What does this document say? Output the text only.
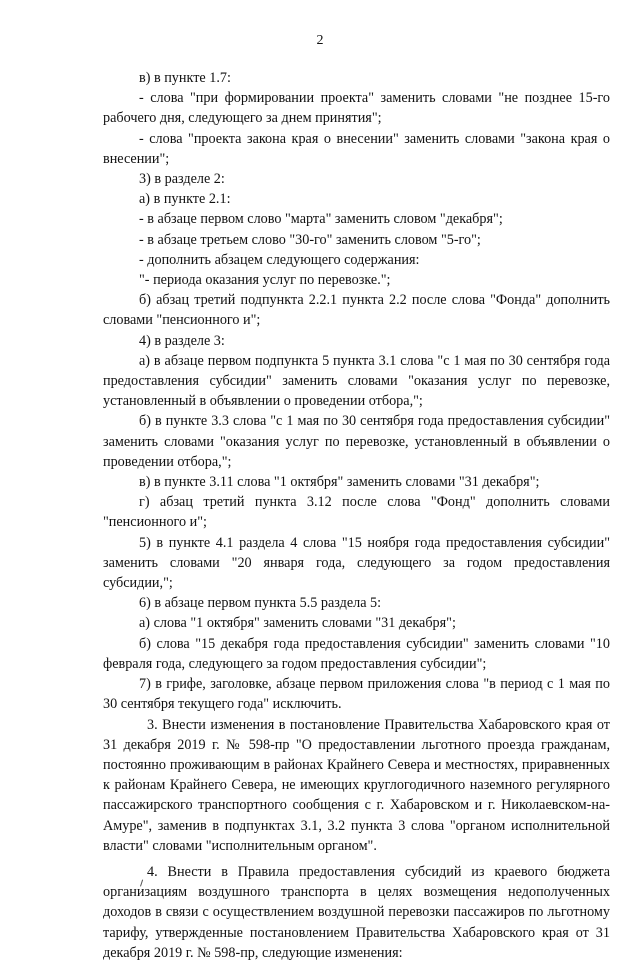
2

в) в пункте 1.7:

- слова "при формировании проекта" заменить словами "не позднее 15-го рабочего дня, следующего за днем принятия";

- слова "проекта закона края о внесении" заменить словами "закона края о внесении";

3) в разделе 2:

а) в пункте 2.1:

- в абзаце первом слово "марта" заменить словом "декабря";

- в абзаце третьем слово "30-го" заменить словом "5-го";

- дополнить абзацем следующего содержания:

"- периода оказания услуг по перевозке.";

б) абзац третий подпункта 2.2.1 пункта 2.2 после слова "Фонда" дополнить словами "пенсионного и";

4) в разделе 3:

а) в абзаце первом подпункта 5 пункта 3.1 слова "с 1 мая по 30 сентября года предоставления субсидии" заменить словами "оказания услуг по перевозке, установленный в объявлении о проведении отбора,";

б) в пункте 3.3 слова "с 1 мая по 30 сентября года предоставления субсидии" заменить словами "оказания услуг по перевозке, установленный в объявлении о проведении отбора,";

в) в пункте 3.11 слова "1 октября" заменить словами "31 декабря";

г) абзац третий пункта 3.12 после слова "Фонд" дополнить словами "пенсионного и";

5) в пункте 4.1 раздела 4 слова "15 ноября года предоставления субсидии" заменить словами "20 января года, следующего за годом предоставления субсидии,";

6) в абзаце первом пункта 5.5 раздела 5:

а) слова "1 октября" заменить словами "31 декабря";

б) слова "15 декабря года предоставления субсидии" заменить словами "10 февраля года, следующего за годом предоставления субсидии";

7) в грифе, заголовке, абзаце первом приложения слова "в период с 1 мая по 30 сентября текущего года" исключить.

3. Внести изменения в постановление Правительства Хабаровского края от 31 декабря 2019 г. № 598-пр "О предоставлении льготного проезда гражданам, постоянно проживающим в районах Крайнего Севера и местностях, приравненных к районам Крайнего Севера, не имеющих круглогодичного наземного регулярного пассажирского транспортного сообщения с г. Хабаровском и г. Николаевском-на-Амуре", заменив в подпунктах 3.1, 3.2 пункта 3 слова "органом исполнительной власти" словами "исполнительным органом".

4. Внести в Правила предоставления субсидий из краевого бюджета организациям воздушного транспорта в целях возмещения недополученных доходов в связи с осуществлением воздушной перевозки пассажиров по льготному тарифу, утвержденные постановлением Правительства Хабаровского края от 31 декабря 2019 г. № 598-пр, следующие изменения:
